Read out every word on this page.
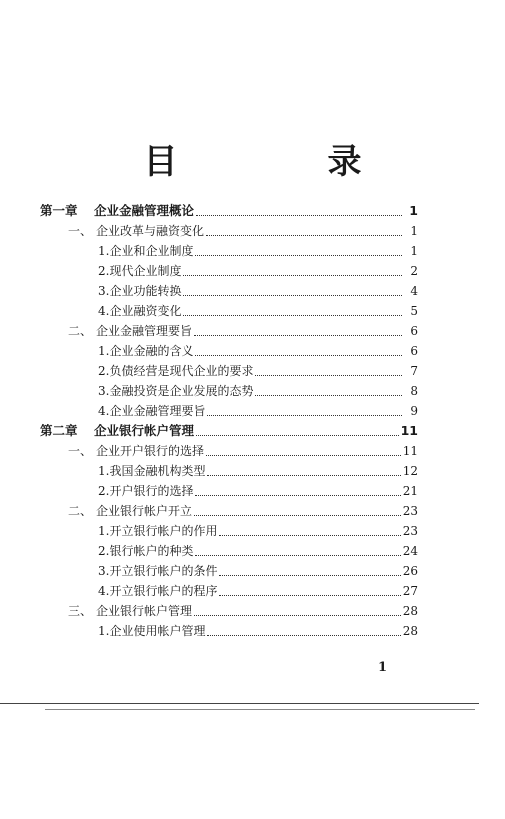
目　录
第一章 企业金融管理概论	1
一、 企业改革与融资变化	1
1.企业和企业制度	1
2.现代企业制度	2
3.企业功能转换	4
4.企业融资变化	5
二、 企业金融管理要旨	6
1.企业金融的含义	6
2.负债经营是现代企业的要求	7
3.金融投资是企业发展的态势	8
4.企业金融管理要旨	9
第二章 企业银行帐户管理	11
一、 企业开户银行的选择	11
1.我国金融机构类型	12
2.开户银行的选择	21
二、 企业银行帐户开立	23
1.开立银行帐户的作用	23
2.银行帐户的种类	24
3.开立银行帐户的条件	26
4.开立银行帐户的程序	27
三、 企业银行帐户管理	28
1.企业使用帐户管理	28
1
